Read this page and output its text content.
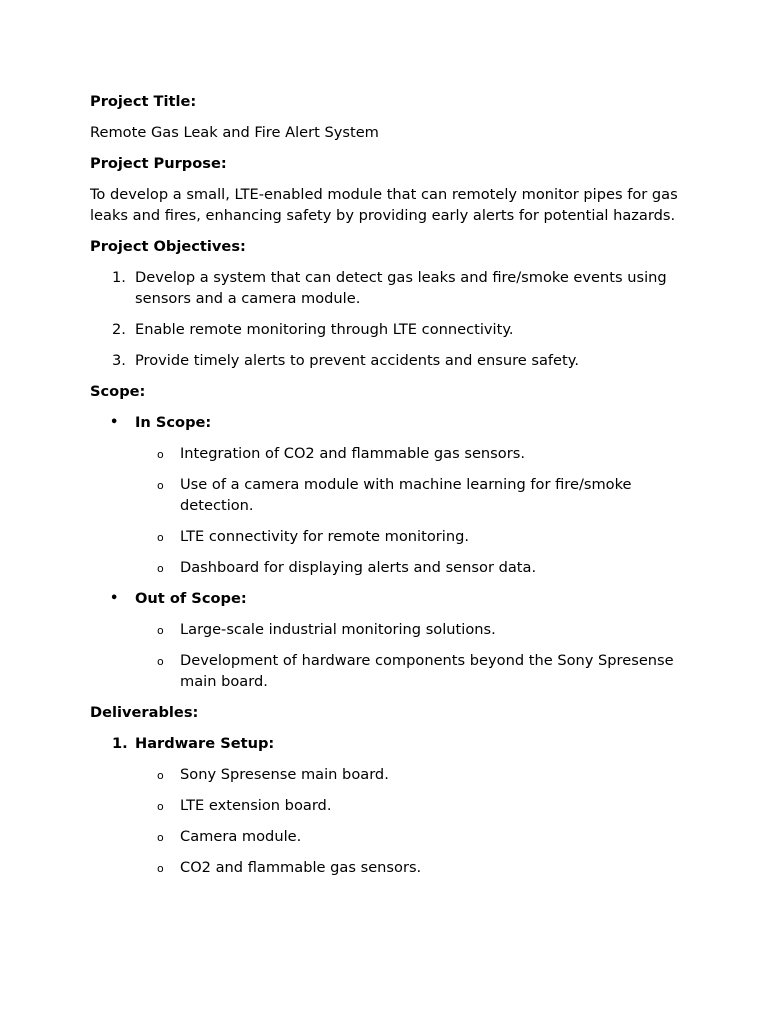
Project Title:
Remote Gas Leak and Fire Alert System
Project Purpose:
To develop a small, LTE-enabled module that can remotely monitor pipes for gas leaks and fires, enhancing safety by providing early alerts for potential hazards.
Project Objectives:
1. Develop a system that can detect gas leaks and fire/smoke events using sensors and a camera module.
2. Enable remote monitoring through LTE connectivity.
3. Provide timely alerts to prevent accidents and ensure safety.
Scope:
• In Scope:
o Integration of CO2 and flammable gas sensors.
o Use of a camera module with machine learning for fire/smoke detection.
o LTE connectivity for remote monitoring.
o Dashboard for displaying alerts and sensor data.
• Out of Scope:
o Large-scale industrial monitoring solutions.
o Development of hardware components beyond the Sony Spresense main board.
Deliverables:
1. Hardware Setup:
o Sony Spresense main board.
o LTE extension board.
o Camera module.
o CO2 and flammable gas sensors.
